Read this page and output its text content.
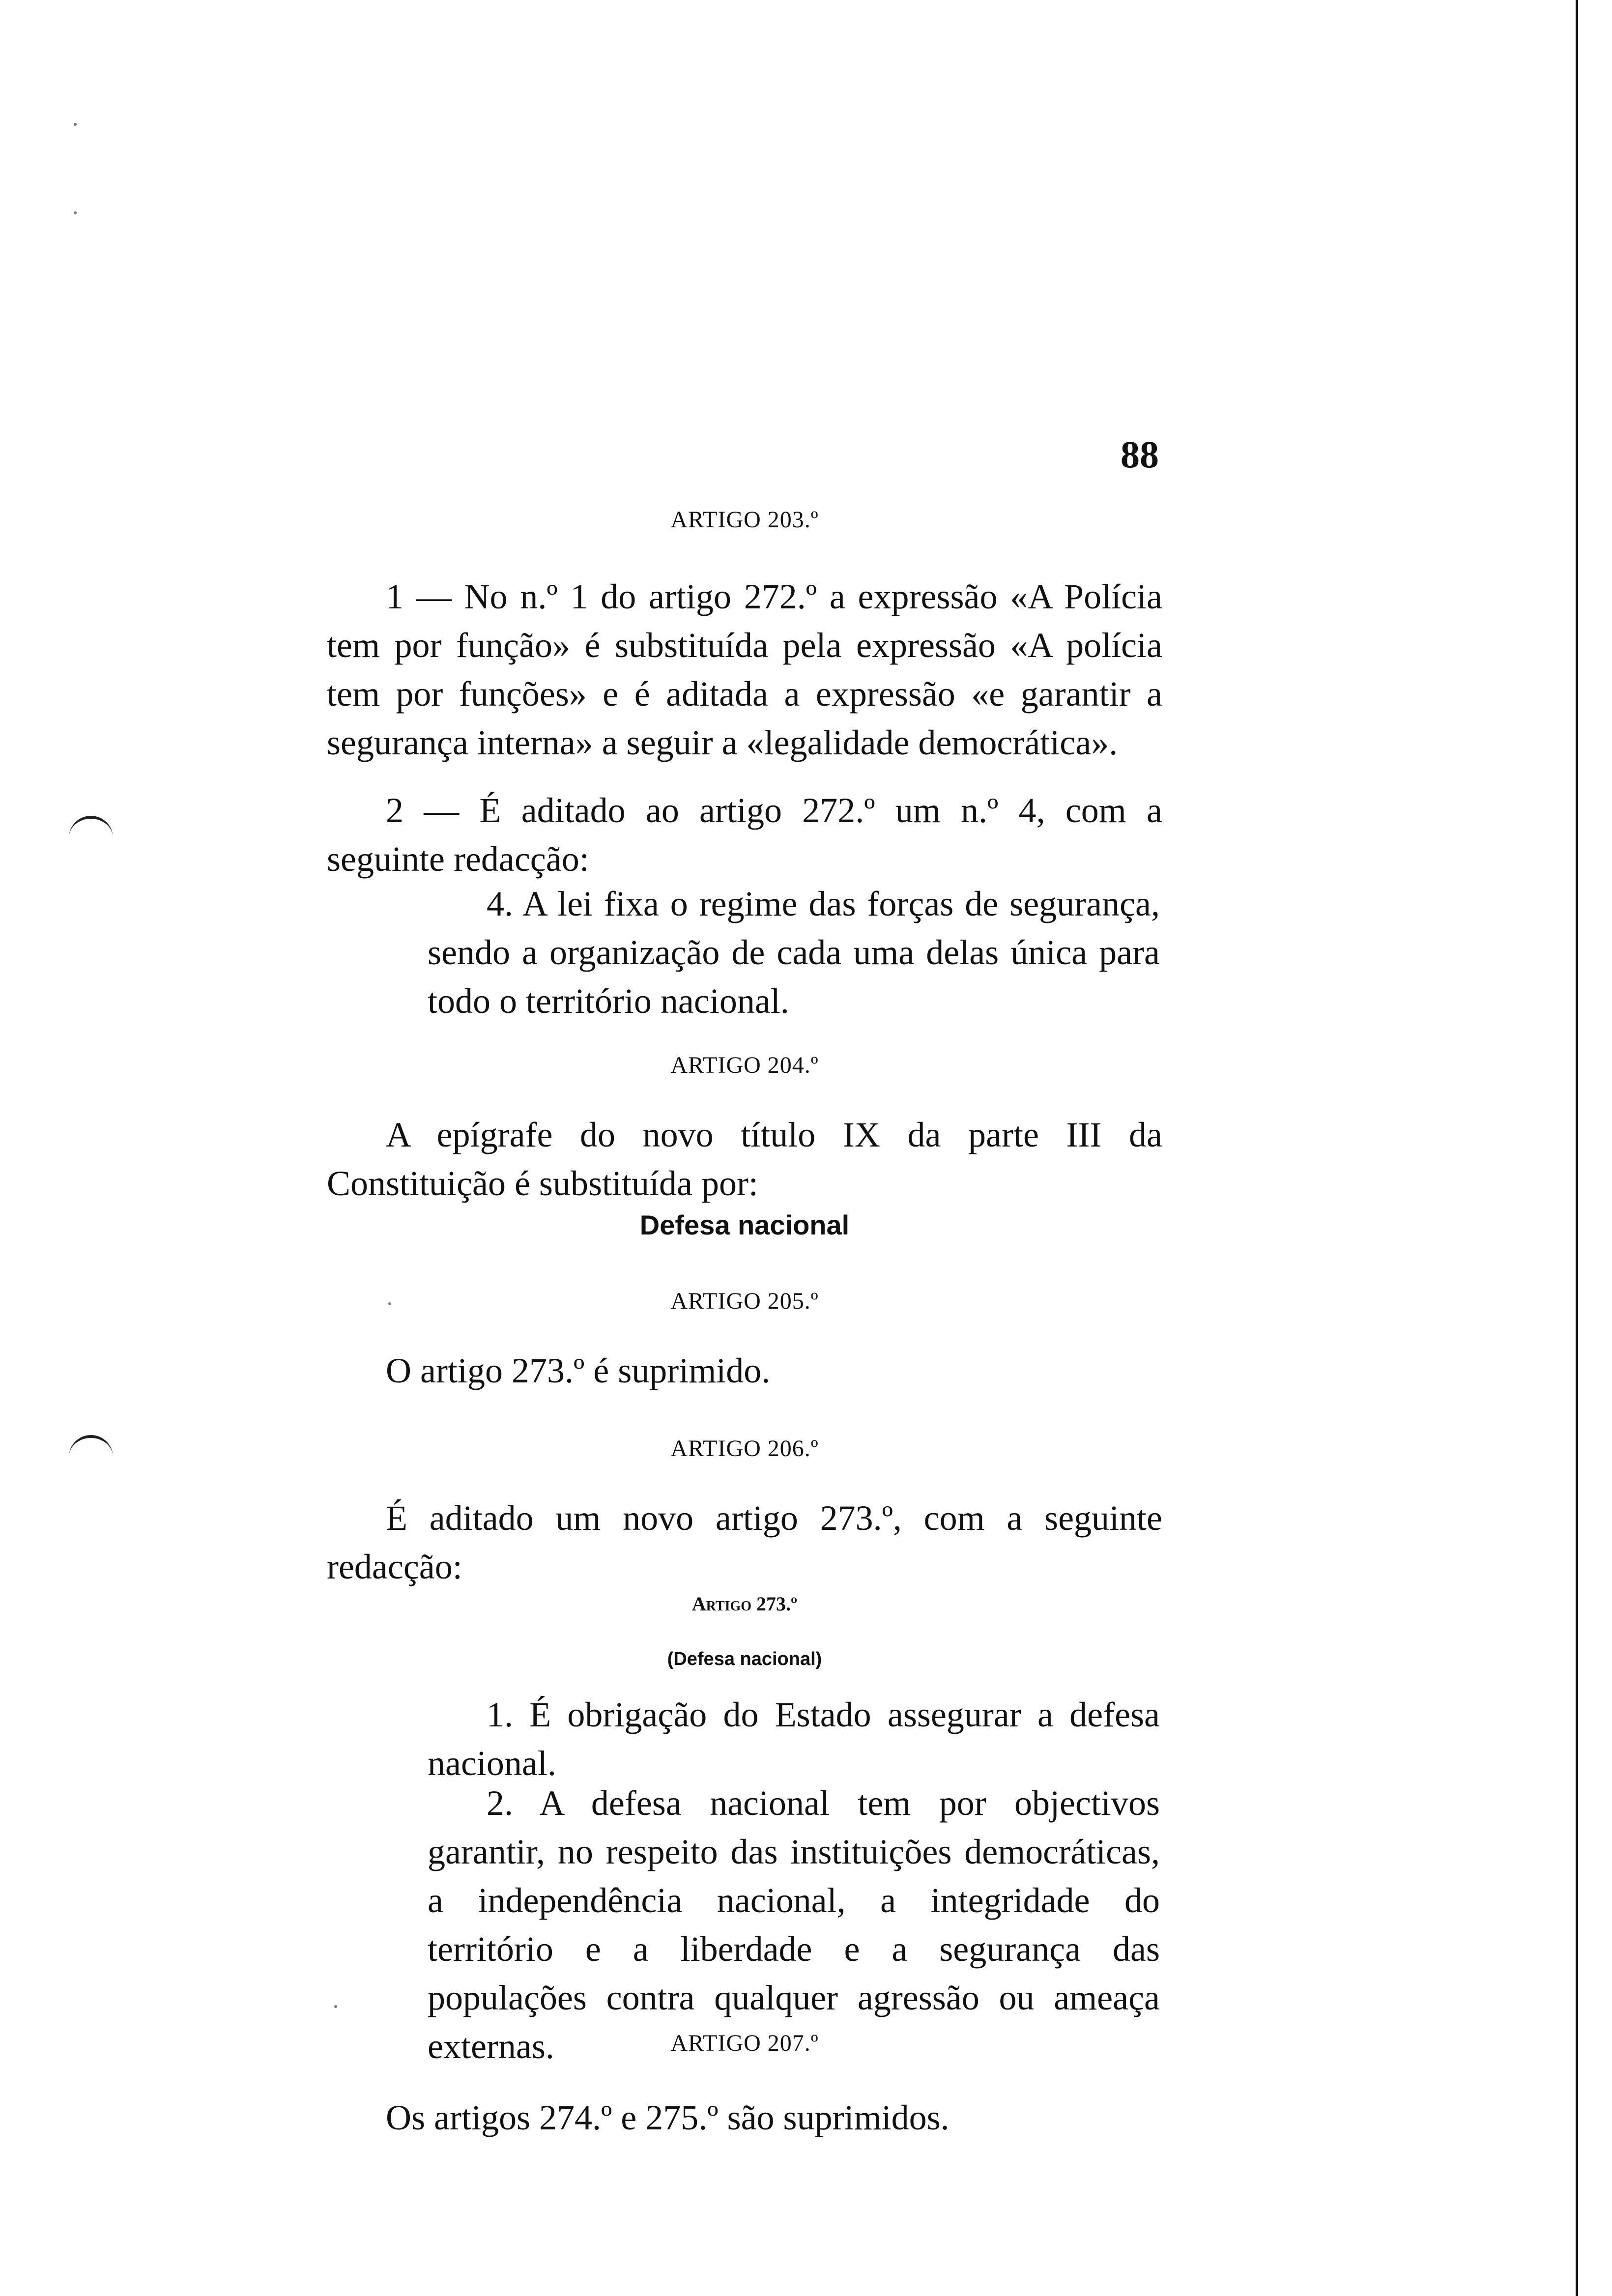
88

ARTIGO 203.º

1 — No n.º 1 do artigo 272.º a expressão «A Polícia tem por função» é substituída pela expressão «A polícia tem por funções» e é aditada a expressão «e garantir a segurança interna» a seguir a «legalidade democrática».

2 — É aditado ao artigo 272.º um n.º 4, com a seguinte redacção:

4. A lei fixa o regime das forças de segurança, sendo a organização de cada uma delas única para todo o território nacional.

ARTIGO 204.º

A epígrafe do novo título IX da parte III da Constituição é substituída por:

Defesa nacional

ARTIGO 205.º

O artigo 273.º é suprimido.

ARTIGO 206.º

É aditado um novo artigo 273.º, com a seguinte redacção:

Artigo 273.º

(Defesa nacional)

1. É obrigação do Estado assegurar a defesa nacional.

2. A defesa nacional tem por objectivos garantir, no respeito das instituições democráticas, a independência nacional, a integridade do território e a liberdade e a segurança das populações contra qualquer agressão ou ameaça externas.	ARTIGO 207.º

Os artigos 274.º e 275.º são suprimidos.
